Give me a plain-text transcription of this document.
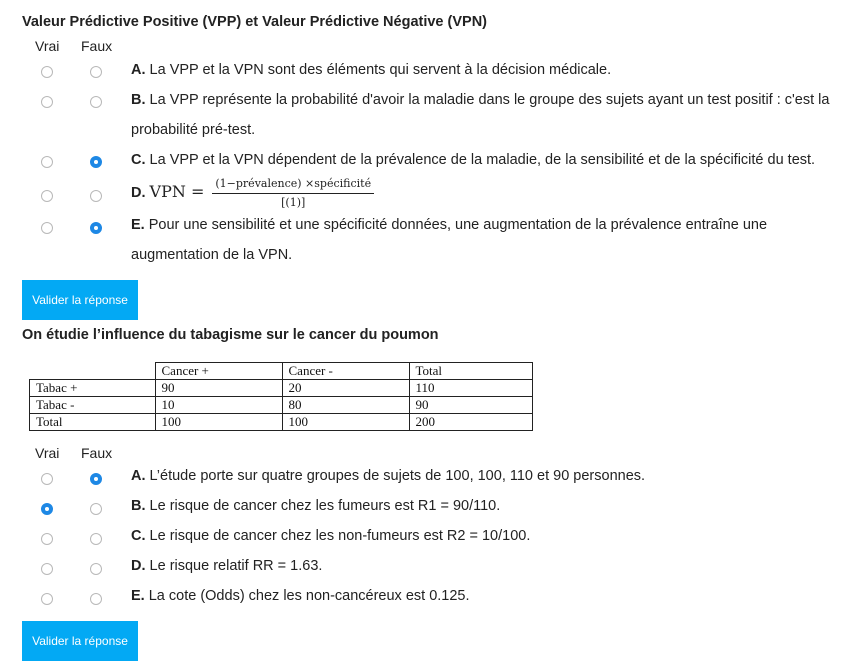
Valeur Prédictive Positive (VPP) et Valeur Prédictive Négative (VPN)
Vrai Faux
A. La VPP et la VPN sont des éléments qui servent à la décision médicale.
B. La VPP représente la probabilité d'avoir la maladie dans le groupe des sujets ayant un test positif : c'est la probabilité pré-test.
C. La VPP et la VPN dépendent de la prévalence de la maladie, de la sensibilité et de la spécificité du test.
D. VPN = $\frac{\text{(1−prévalence) ×spécificité}}{[(1)]}$
E. Pour une sensibilité et une spécificité données, une augmentation de la prévalence entraîne une augmentation de la VPN.
Valider la réponse
On étudie l’influence du tabagisme sur le cancer du poumon
	Cancer +	Cancer -	Total
Tabac +	90	20	110
Tabac -	10	80	90
Total	100	100	200
Vrai Faux
A. L’étude porte sur quatre groupes de sujets de 100, 100, 110 et 90 personnes.
B. Le risque de cancer chez les fumeurs est R1 = 90/110.
C. Le risque de cancer chez les non-fumeurs est R2 = 10/100.
D. Le risque relatif RR = 1.63.
E. La cote (Odds) chez les non-cancéreux est 0.125.
Valider la réponse
